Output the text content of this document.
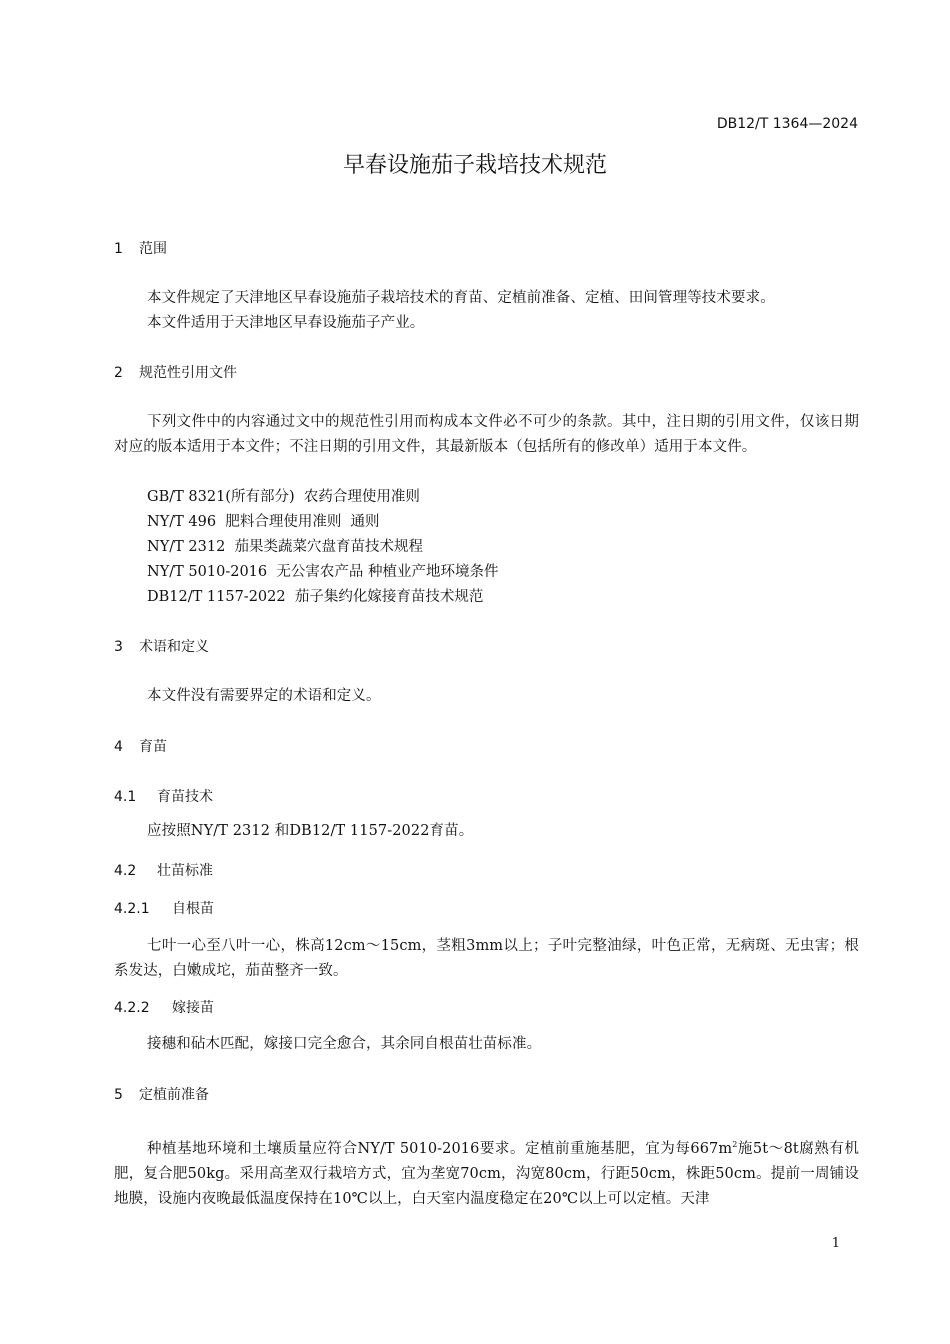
DB12/T 1364—2024
早春设施茄子栽培技术规范
1 范围
本文件规定了天津地区早春设施茄子栽培技术的育苗、定植前准备、定植、田间管理等技术要求。
本文件适用于天津地区早春设施茄子产业。
2 规范性引用文件
下列文件中的内容通过文中的规范性引用而构成本文件必不可少的条款。其中，注日期的引用文件，仅该日期对应的版本适用于本文件；不注日期的引用文件，其最新版本（包括所有的修改单）适用于本文件。
GB/T 8321(所有部分)  农药合理使用准则
NY/T 496  肥料合理使用准则  通则
NY/T 2312  茄果类蔬菜穴盘育苗技术规程
NY/T 5010-2016  无公害农产品 种植业产地环境条件
DB12/T 1157-2022  茄子集约化嫁接育苗技术规范
3 术语和定义
本文件没有需要界定的术语和定义。
4 育苗
4.1 育苗技术
应按照NY/T 2312 和DB12/T 1157-2022育苗。
4.2 壮苗标准
4.2.1 自根苗
七叶一心至八叶一心，株高12cm～15cm，茎粗3mm以上；子叶完整油绿，叶色正常，无病斑、无虫害；根系发达，白嫩成坨，茄苗整齐一致。
4.2.2 嫁接苗
接穗和砧木匹配，嫁接口完全愈合，其余同自根苗壮苗标准。
5 定植前准备
种植基地环境和土壤质量应符合NY/T 5010-2016要求。定植前重施基肥，宜为每$667m^2$施5t～8t腐熟有机肥，复合肥50kg。采用高垄双行栽培方式，宜为垄宽70cm，沟宽80cm，行距50cm，株距50cm。提前一周铺设地膜，设施内夜晚最低温度保持在10℃以上，白天室内温度稳定在20℃以上可以定植。天津
1
